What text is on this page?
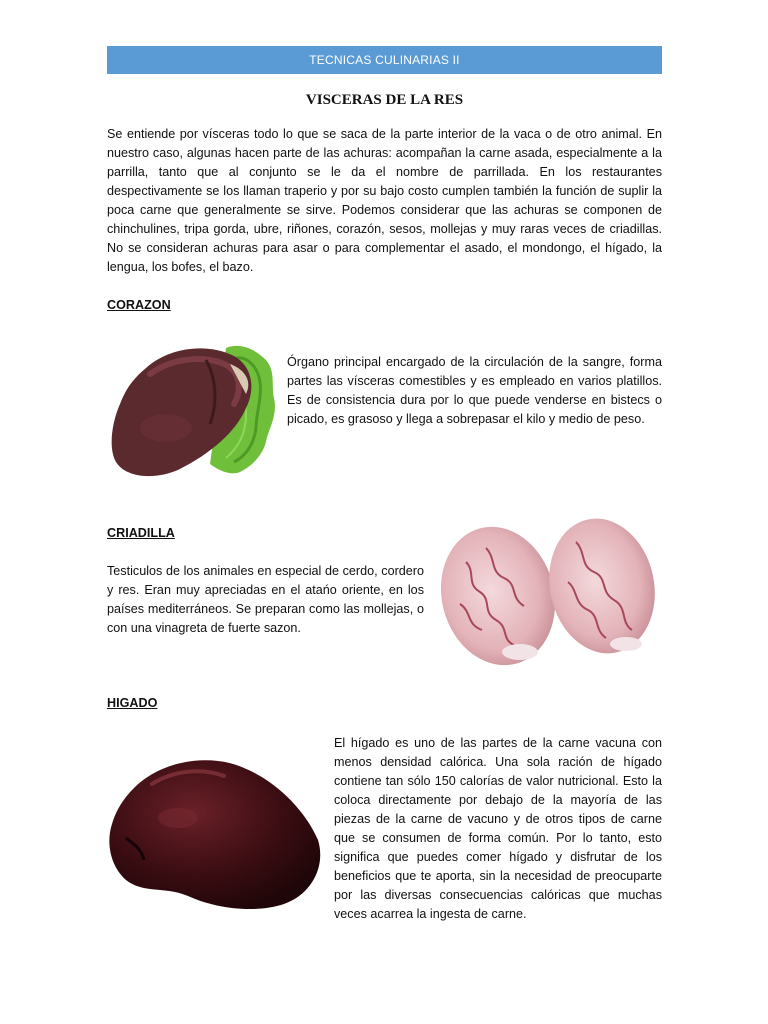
TECNICAS CULINARIAS II
VISCERAS DE LA RES

Se entiende por vísceras todo lo que se saca de la parte interior de la vaca o de otro animal. En nuestro caso, algunas hacen parte de las achuras: acompañan la carne asada, especialmente a la parrilla, tanto que al conjunto se le da el nombre de parrillada. En los restaurantes despectivamente se los llaman traperio y por su bajo costo cumplen también la función de suplir la poca carne que generalmente se sirve. Podemos considerar que las achuras se componen de chinchulines, tripa gorda, ubre, riñones, corazón, sesos, mollejas y muy raras veces de criadillas. No se consideran achuras para asar o para complementar el asado, el mondongo, el hígado, la lengua, los bofes, el bazo.

CORAZON

Órgano principal encargado de la circulación de la sangre, forma partes las vísceras comestibles y es empleado en varios platillos. Es de consistencia dura por lo que puede venderse en bistecs o picado, es grasoso y llega a sobrepasar el kilo y medio de peso.

CRIADILLA

Testiculos de los animales en especial de cerdo, cordero y res. Eran muy apreciadas en el atańo oriente, en los países mediterráneos. Se preparan como las mollejas, o con una vinagreta de fuerte sazon.

HIGADO

El hígado es uno de las partes de la carne vacuna con menos densidad calórica. Una sola ración de hígado contiene tan sólo 150 calorías de valor nutricional. Esto la coloca directamente por debajo de la mayoría de las piezas de la carne de vacuno y de otros tipos de carne que se consumen de forma común. Por lo tanto, esto significa que puedes comer hígado y disfrutar de los beneficios que te aporta, sin la necesidad de preocuparte por las diversas consecuencias calóricas que muchas veces acarrea la ingesta de carne.
